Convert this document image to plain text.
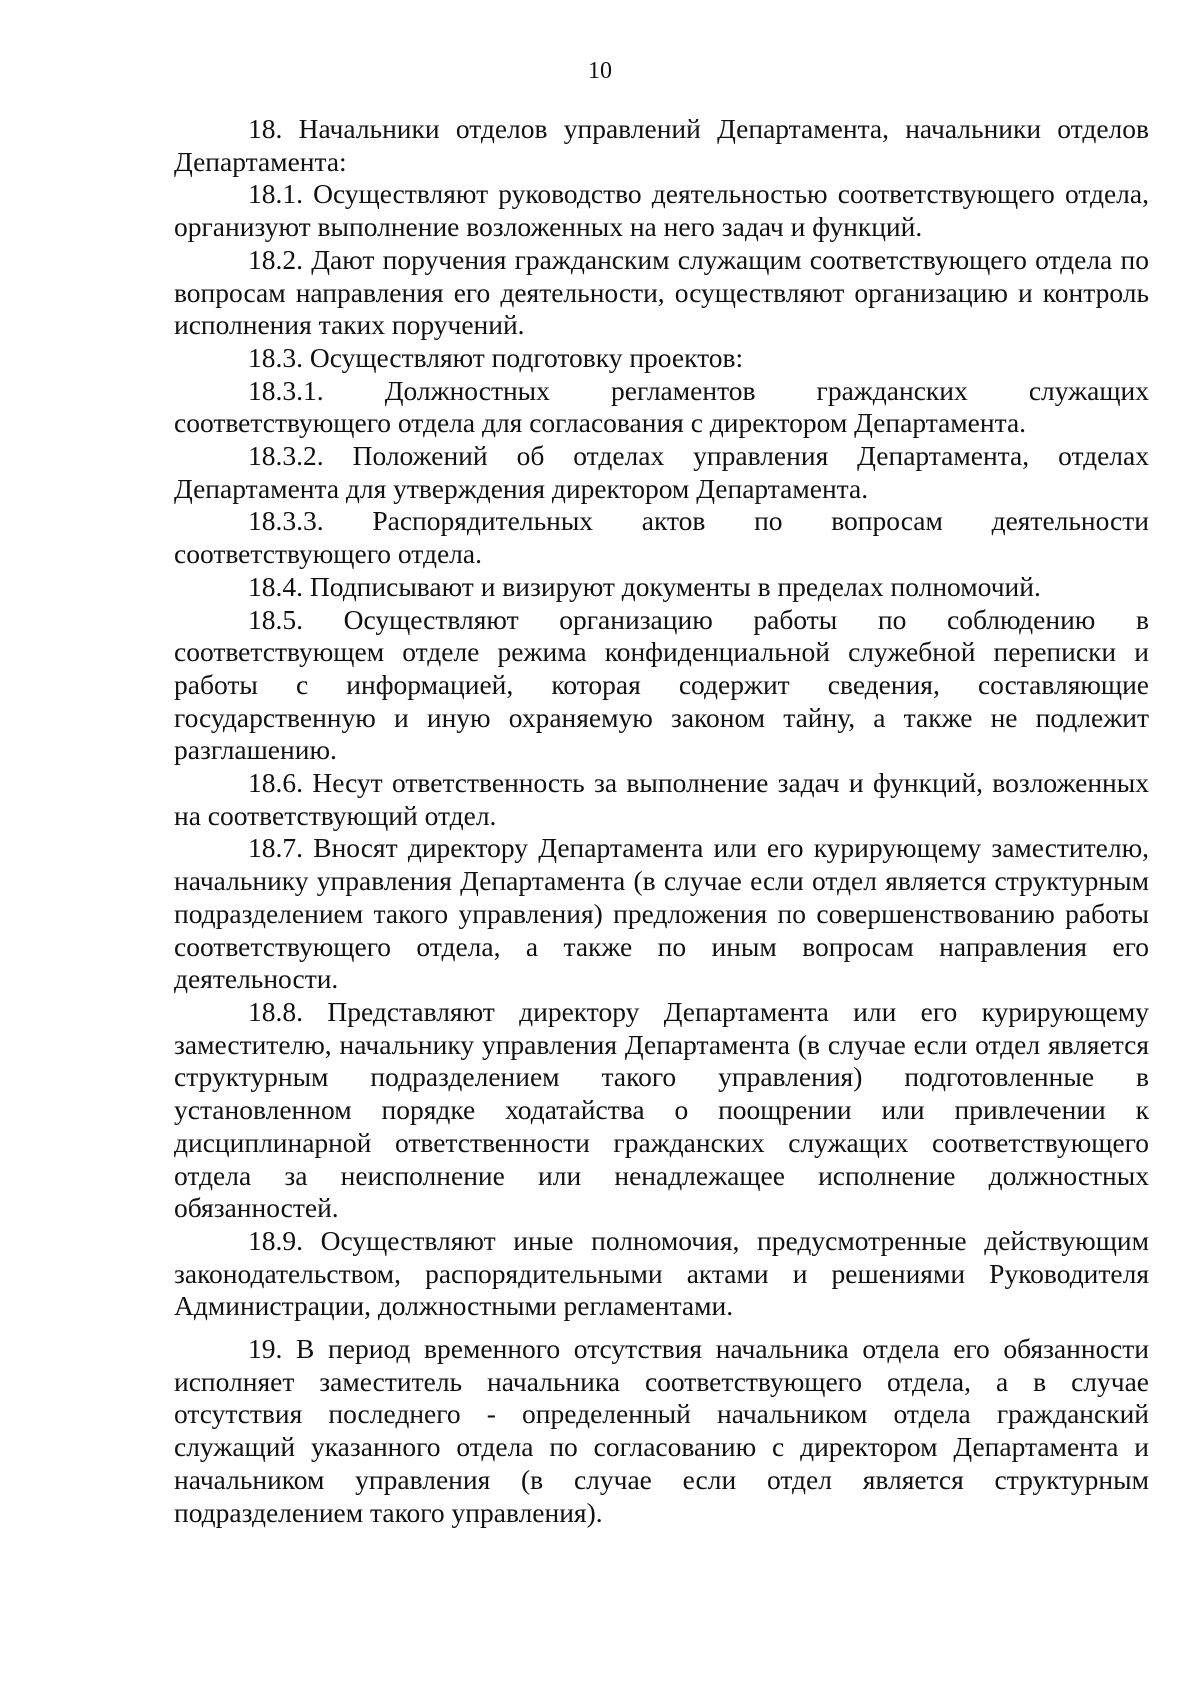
10

18. Начальники отделов управлений Департамента, начальники отделов Департамента:

18.1. Осуществляют руководство деятельностью соответствующего отдела, организуют выполнение возложенных на него задач и функций.

18.2. Дают поручения гражданским служащим соответствующего отдела по вопросам направления его деятельности, осуществляют организацию и контроль исполнения таких поручений.

18.3. Осуществляют подготовку проектов:

18.3.1. Должностных регламентов гражданских служащих соответствующего отдела для согласования с директором Департамента.

18.3.2. Положений об отделах управления Департамента, отделах Департамента для утверждения директором Департамента.

18.3.3. Распорядительных актов по вопросам деятельности соответствующего отдела.

18.4. Подписывают и визируют документы в пределах полномочий.

18.5. Осуществляют организацию работы по соблюдению в соответствующем отделе режима конфиденциальной служебной переписки и работы с информацией, которая содержит сведения, составляющие государственную и иную охраняемую законом тайну, а также не подлежит разглашению.

18.6. Несут ответственность за выполнение задач и функций, возложенных на соответствующий отдел.

18.7. Вносят директору Департамента или его курирующему заместителю, начальнику управления Департамента (в случае если отдел является структурным подразделением такого управления) предложения по совершенствованию работы соответствующего отдела, а также по иным вопросам направления его деятельности.

18.8. Представляют директору Департамента или его курирующему заместителю, начальнику управления Департамента (в случае если отдел является структурным подразделением такого управления) подготовленные в установленном порядке ходатайства о поощрении или привлечении к дисциплинарной ответственности гражданских служащих соответствующего отдела за неисполнение или ненадлежащее исполнение должностных обязанностей.

18.9. Осуществляют иные полномочия, предусмотренные действующим законодательством, распорядительными актами и решениями Руководителя Администрации, должностными регламентами.

19. В период временного отсутствия начальника отдела его обязанности исполняет заместитель начальника соответствующего отдела, а в случае отсутствия последнего - определенный начальником отдела гражданский служащий указанного отдела по согласованию с директором Департамента и начальником управления (в случае если отдел является структурным подразделением такого управления).
